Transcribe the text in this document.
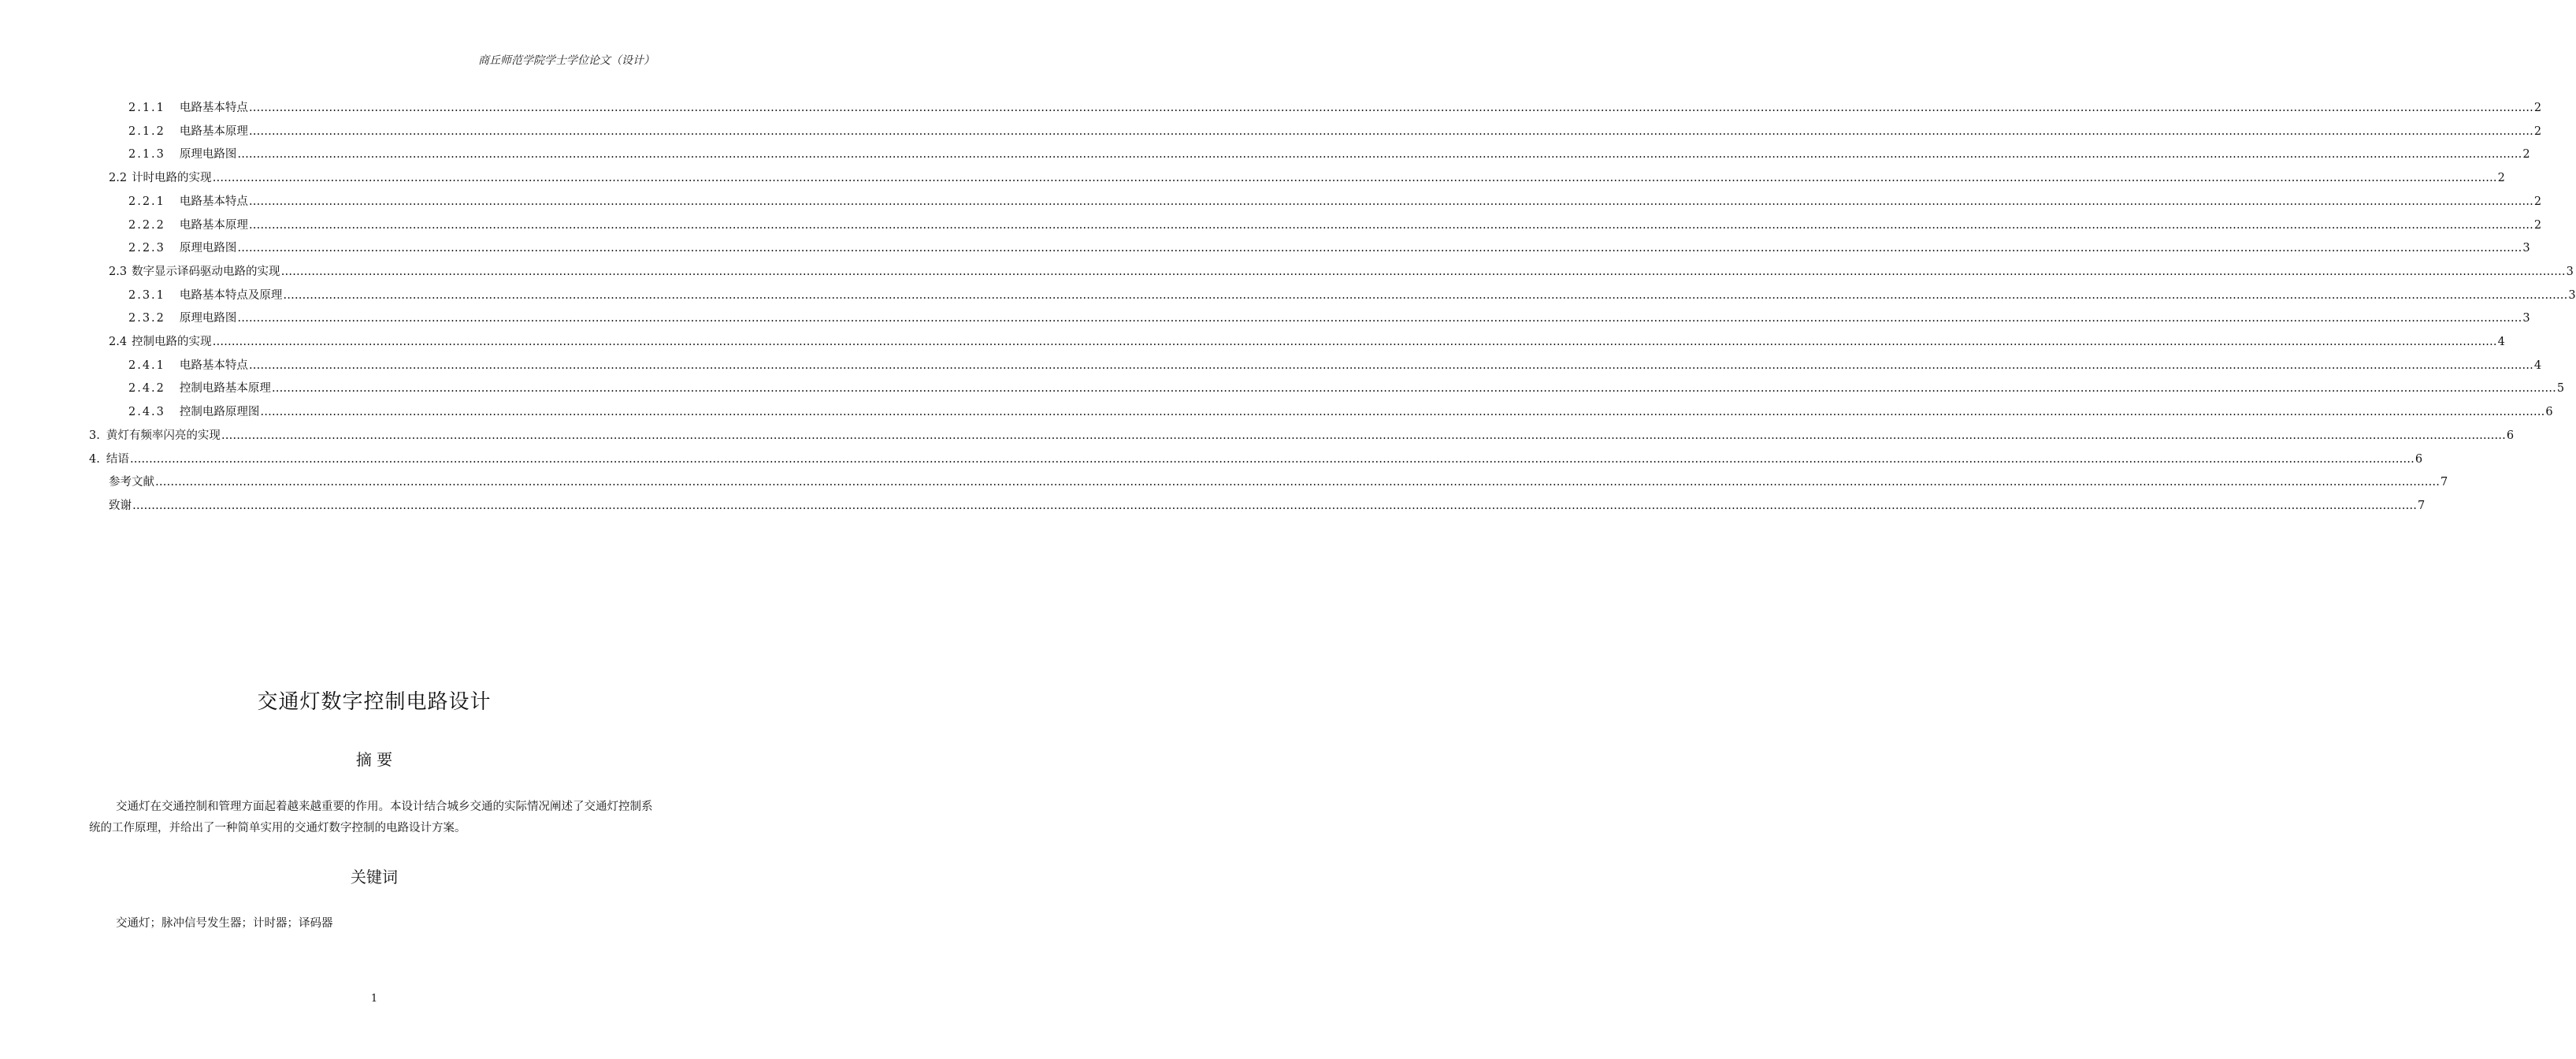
商丘师范学院学士学位论文（设计）
2.1.1 电路基本特点 …………………………………………………………………………………………………………………………………………………………………………………………………………………………………………………………………………………………………………………………………………………………………………………………………………………………………………………………………………………………………………………………………………………… 2
2.1.2 电路基本原理 …………………………………………………………………………………………………………………………………………………………………………………………………………………………………………………………………………………………………………………………………………………………………………………………………………………………………………………………………………………………………………………………………………………… 2
2.1.3 原理电路图 …………………………………………………………………………………………………………………………………………………………………………………………………………………………………………………………………………………………………………………………………………………………………………………………………………………………………………………………………………………………………………………………………………………… 2
2.2 计时电路的实现 …………………………………………………………………………………………………………………………………………………………………………………………………………………………………………………………………………………………………………………………………………………………………………………………………………………………………………………………………………………………………………………………………………………… 2
2.2.1 电路基本特点 …………………………………………………………………………………………………………………………………………………………………………………………………………………………………………………………………………………………………………………………………………………………………………………………………………………………………………………………………………………………………………………………………………………… 2
2.2.2 电路基本原理 …………………………………………………………………………………………………………………………………………………………………………………………………………………………………………………………………………………………………………………………………………………………………………………………………………………………………………………………………………………………………………………………………………………… 2
2.2.3 原理电路图 …………………………………………………………………………………………………………………………………………………………………………………………………………………………………………………………………………………………………………………………………………………………………………………………………………………………………………………………………………………………………………………………………………………… 3
2.3 数字显示译码驱动电路的实现 …………………………………………………………………………………………………………………………………………………………………………………………………………………………………………………………………………………………………………………………………………………………………………………………………………………………………………………………………………………………………………………………………………………… 3
2.3.1 电路基本特点及原理 …………………………………………………………………………………………………………………………………………………………………………………………………………………………………………………………………………………………………………………………………………………………………………………………………………………………………………………………………………………………………………………………………………………… 3
2.3.2 原理电路图 …………………………………………………………………………………………………………………………………………………………………………………………………………………………………………………………………………………………………………………………………………………………………………………………………………………………………………………………………………………………………………………………………………………… 3
2.4 控制电路的实现 …………………………………………………………………………………………………………………………………………………………………………………………………………………………………………………………………………………………………………………………………………………………………………………………………………………………………………………………………………………………………………………………………………………… 4
2.4.1 电路基本特点 …………………………………………………………………………………………………………………………………………………………………………………………………………………………………………………………………………………………………………………………………………………………………………………………………………………………………………………………………………………………………………………………………………………… 4
2.4.2 控制电路基本原理 …………………………………………………………………………………………………………………………………………………………………………………………………………………………………………………………………………………………………………………………………………………………………………………………………………………………………………………………………………………………………………………………………………………… 5
2.4.3 控制电路原理图 …………………………………………………………………………………………………………………………………………………………………………………………………………………………………………………………………………………………………………………………………………………………………………………………………………………………………………………………………………………………………………………………………………………… 6
3. 黄灯有频率闪亮的实现 …………………………………………………………………………………………………………………………………………………………………………………………………………………………………………………………………………………………………………………………………………………………………………………………………………………………………………………………………………………………………………………………………………………… 6
4. 结语 …………………………………………………………………………………………………………………………………………………………………………………………………………………………………………………………………………………………………………………………………………………………………………………………………………………………………………………………………………………………………………………………………………………… 6
参考文献 …………………………………………………………………………………………………………………………………………………………………………………………………………………………………………………………………………………………………………………………………………………………………………………………………………………………………………………………………………………………………………………………………………………… 7
致谢 …………………………………………………………………………………………………………………………………………………………………………………………………………………………………………………………………………………………………………………………………………………………………………………………………………………………………………………………………………………………………………………………………………………… 7
交通灯数字控制电路设计
摘 要
交通灯在交通控制和管理方面起着越来越重要的作用。本设计结合城乡交通的实际情况阐述了交通灯控制系统的工作原理，并给出了一种简单实用的交通灯数字控制的电路设计方案。
关键词
交通灯；脉冲信号发生器；计时器；译码器
1
